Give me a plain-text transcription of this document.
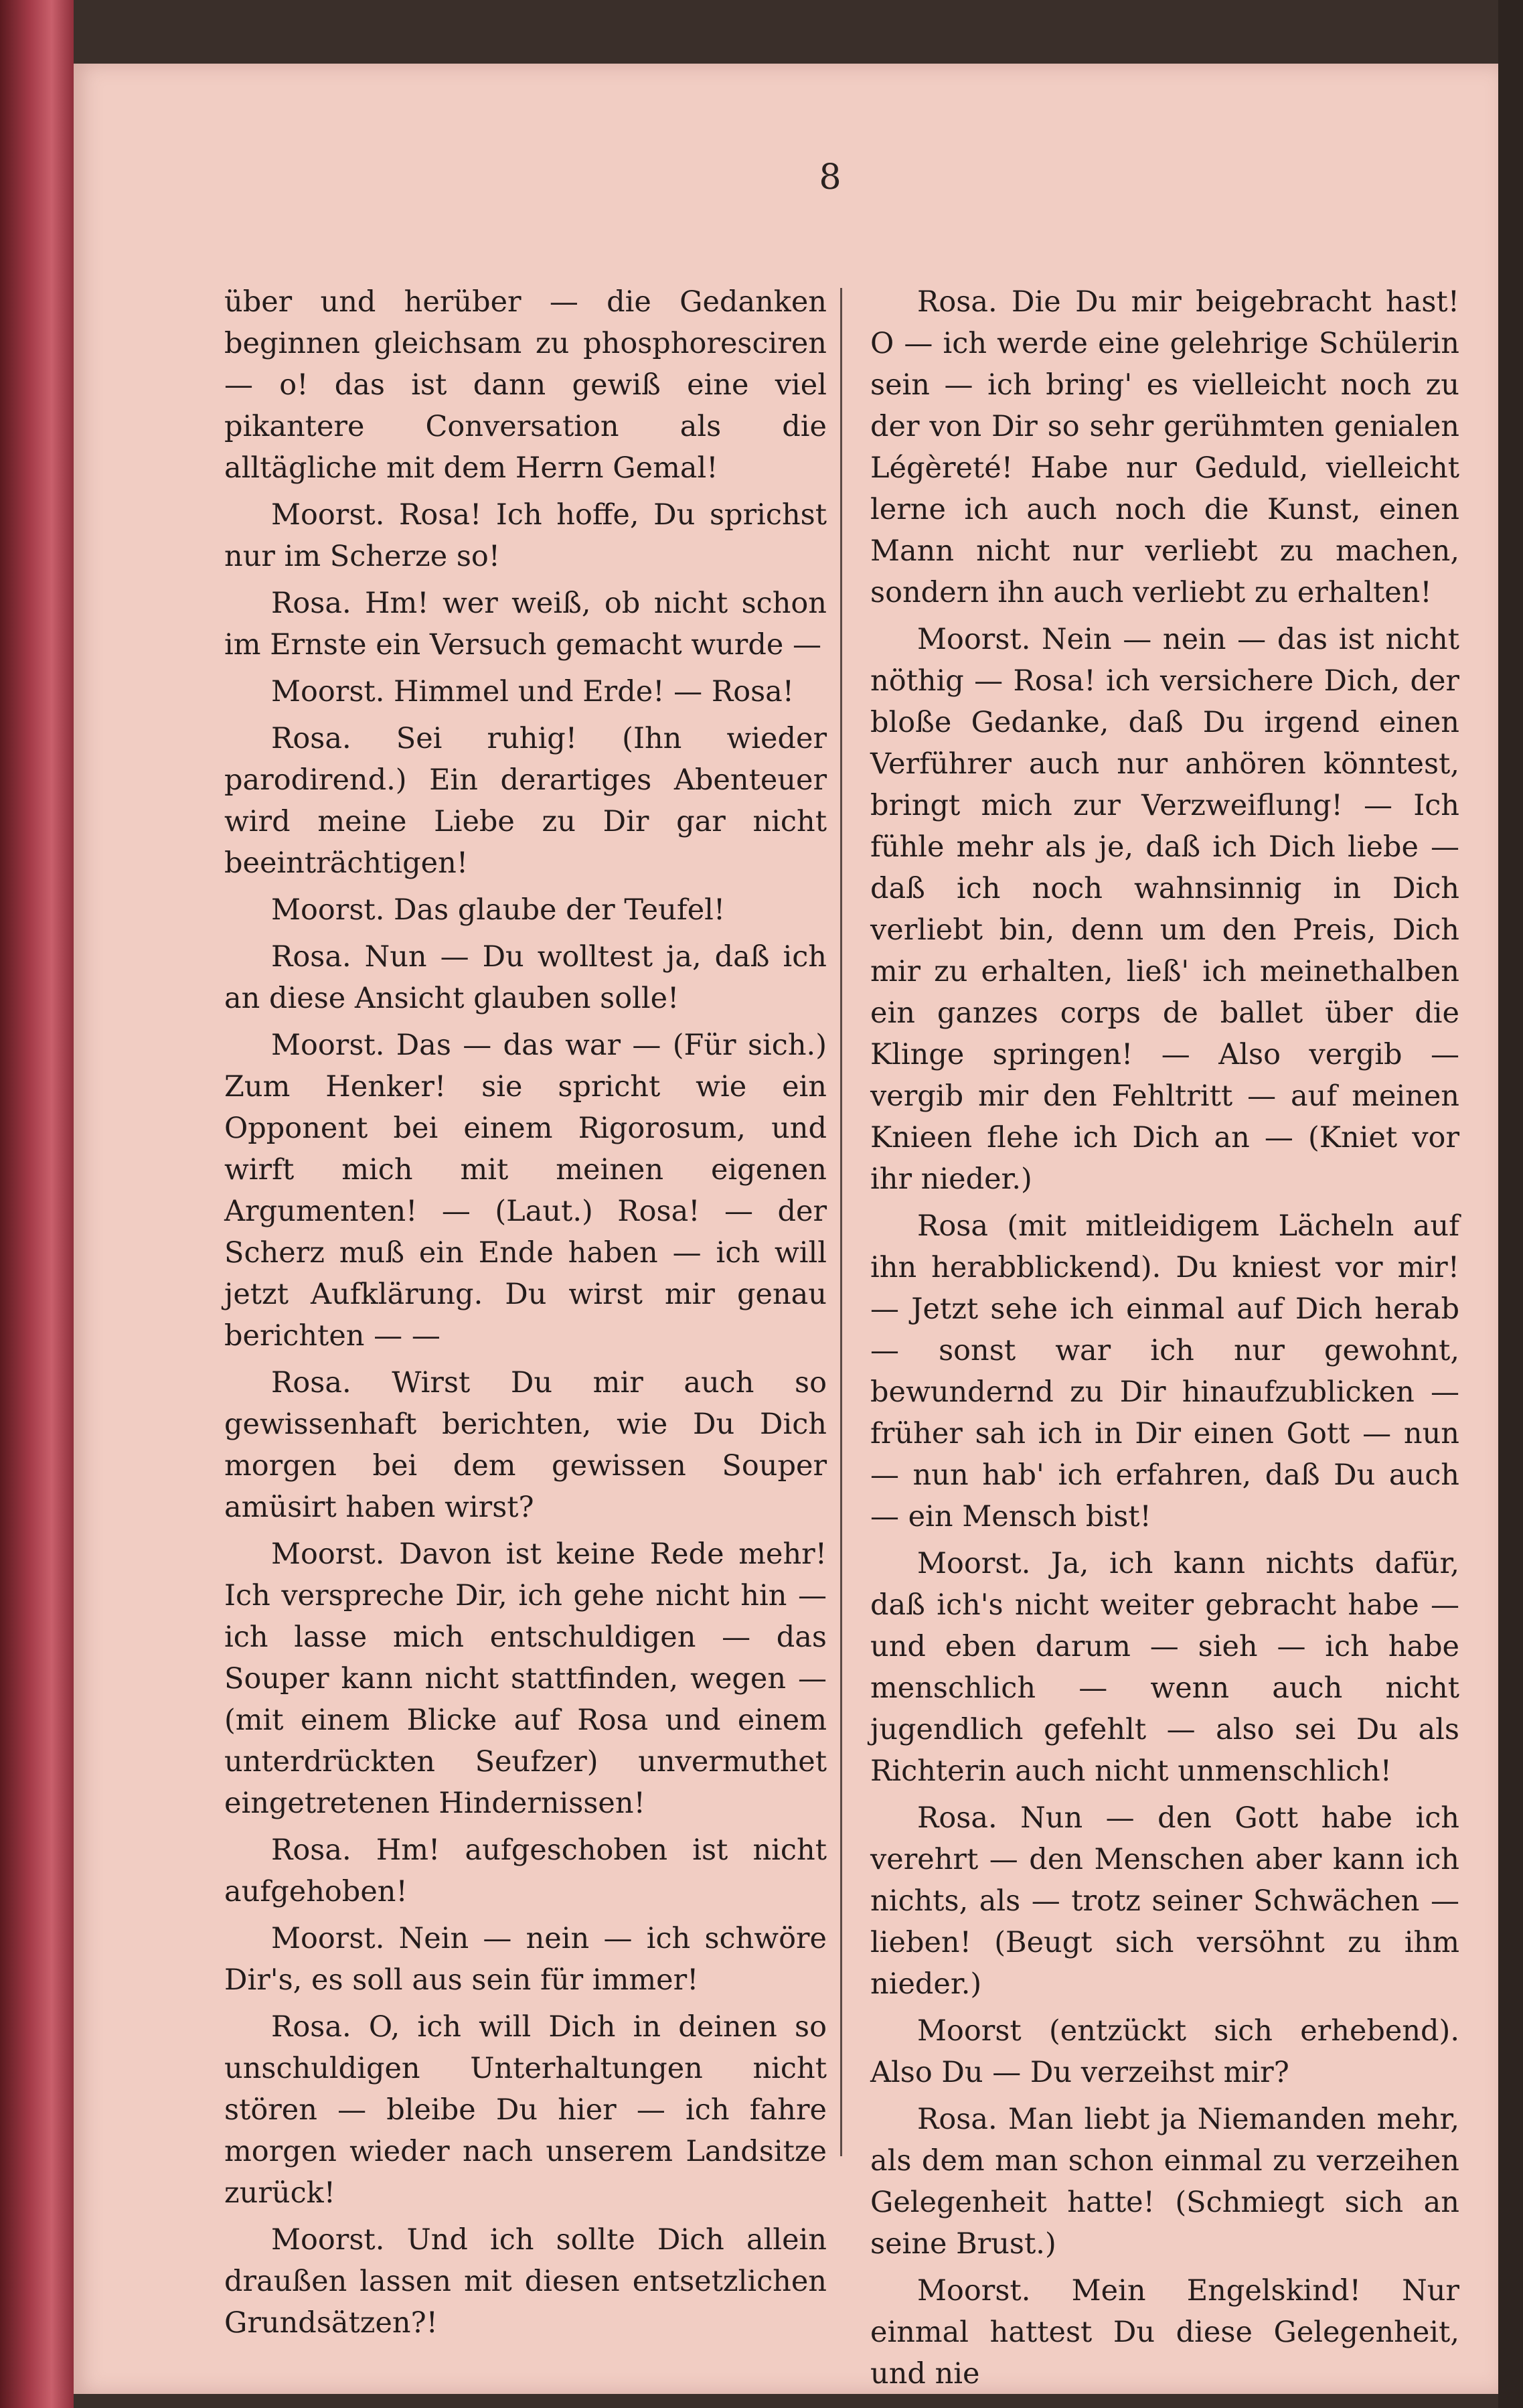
8

über und herüber — die Gedanken beginnen gleichsam zu phosphoresciren — o! das ist dann gewiß eine viel pikantere Conversation als die alltägliche mit dem Herrn Gemal!

Moorst. Rosa! Ich hoffe, Du sprichst nur im Scherze so!

Rosa. Hm! wer weiß, ob nicht schon im Ernste ein Versuch gemacht wurde —

Moorst. Himmel und Erde! — Rosa!

Rosa. Sei ruhig! (Ihn wieder parodirend.) Ein derartiges Abenteuer wird meine Liebe zu Dir gar nicht beeinträchtigen!

Moorst. Das glaube der Teufel!

Rosa. Nun — Du wolltest ja, daß ich an diese Ansicht glauben solle!

Moorst. Das — das war — (Für sich.) Zum Henker! sie spricht wie ein Opponent bei einem Rigorosum, und wirft mich mit meinen eigenen Argumenten! — (Laut.) Rosa! — der Scherz muß ein Ende haben — ich will jetzt Aufklärung. Du wirst mir genau berichten — —

Rosa. Wirst Du mir auch so gewissenhaft berichten, wie Du Dich morgen bei dem gewissen Souper amüsirt haben wirst?

Moorst. Davon ist keine Rede mehr! Ich verspreche Dir, ich gehe nicht hin — ich lasse mich entschuldigen — das Souper kann nicht stattfinden, wegen — (mit einem Blicke auf Rosa und einem unterdrückten Seufzer) unvermuthet eingetretenen Hindernissen!

Rosa. Hm! aufgeschoben ist nicht aufgehoben!

Moorst. Nein — nein — ich schwöre Dir's, es soll aus sein für immer!

Rosa. O, ich will Dich in deinen so unschuldigen Unterhaltungen nicht stören — bleibe Du hier — ich fahre morgen wieder nach unserem Landsitze zurück!

Moorst. Und ich sollte Dich allein draußen lassen mit diesen entsetzlichen Grundsätzen?!

Rosa. Die Du mir beigebracht hast! O — ich werde eine gelehrige Schülerin sein — ich bring' es vielleicht noch zu der von Dir so sehr gerühmten genialen Légèreté! Habe nur Geduld, vielleicht lerne ich auch noch die Kunst, einen Mann nicht nur verliebt zu machen, sondern ihn auch verliebt zu erhalten!

Moorst. Nein — nein — das ist nicht nöthig — Rosa! ich versichere Dich, der bloße Gedanke, daß Du irgend einen Verführer auch nur anhören könntest, bringt mich zur Verzweiflung! — Ich fühle mehr als je, daß ich Dich liebe — daß ich noch wahnsinnig in Dich verliebt bin, denn um den Preis, Dich mir zu erhalten, ließ' ich meinethalben ein ganzes corps de ballet über die Klinge springen! — Also vergib — vergib mir den Fehltritt — auf meinen Knieen flehe ich Dich an — (Kniet vor ihr nieder.)

Rosa (mit mitleidigem Lächeln auf ihn herabblickend). Du kniest vor mir! — Jetzt sehe ich einmal auf Dich herab — sonst war ich nur gewohnt, bewundernd zu Dir hinaufzublicken — früher sah ich in Dir einen Gott — nun — nun hab' ich erfahren, daß Du auch — ein Mensch bist!

Moorst. Ja, ich kann nichts dafür, daß ich's nicht weiter gebracht habe — und eben darum — sieh — ich habe menschlich — wenn auch nicht jugendlich gefehlt — also sei Du als Richterin auch nicht unmenschlich!

Rosa. Nun — den Gott habe ich verehrt — den Menschen aber kann ich nichts, als — trotz seiner Schwächen — lieben! (Beugt sich versöhnt zu ihm nieder.)

Moorst (entzückt sich erhebend). Also Du — Du verzeihst mir?

Rosa. Man liebt ja Niemanden mehr, als dem man schon einmal zu verzeihen Gelegenheit hatte! (Schmiegt sich an seine Brust.)

Moorst. Mein Engelskind! Nur einmal hattest Du diese Gelegenheit, und nie
